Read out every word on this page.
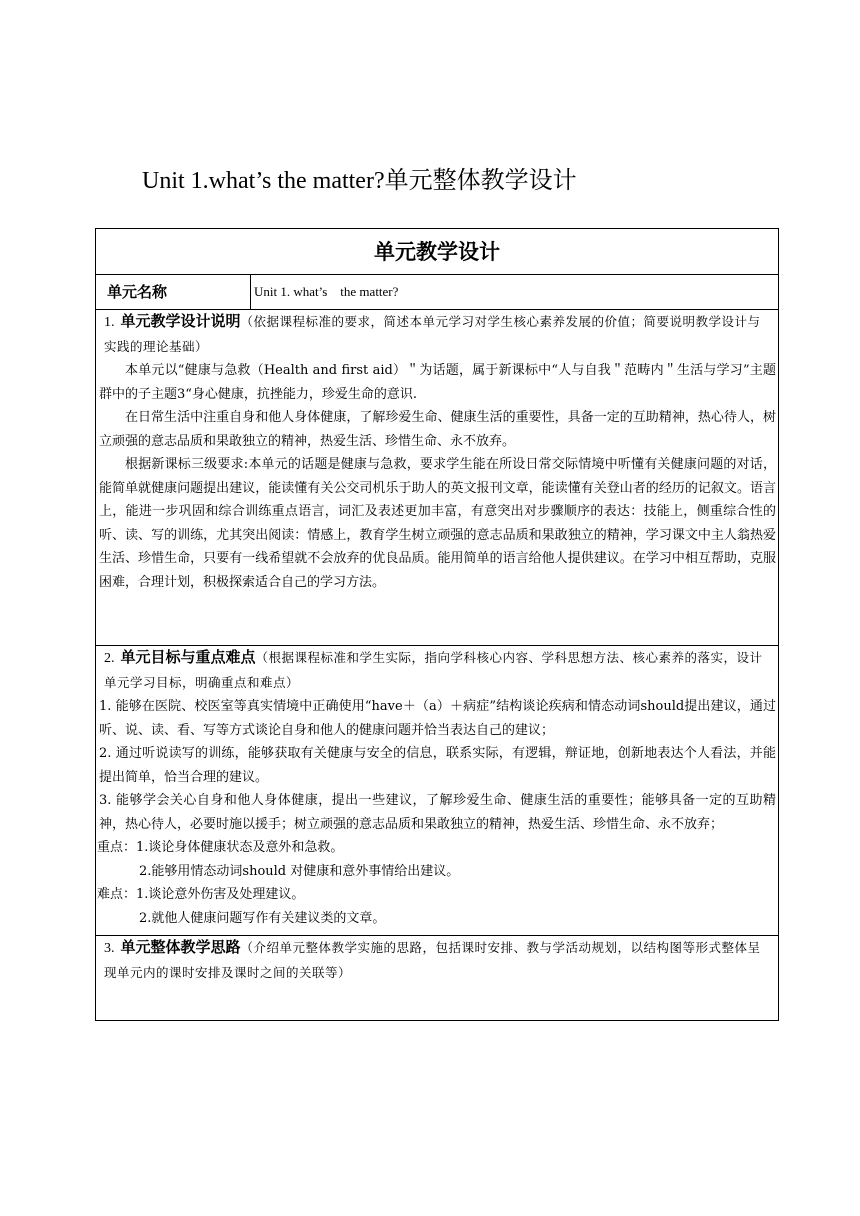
Unit 1.what’s the matter?单元整体教学设计
单元教学设计
单元名称	Unit 1. what’s    the matter?

1. 单元教学设计说明（依据课程标准的要求，简述本单元学习对学生核心素养发展的价值；简要说明教学设计与实践的理论基础）

本单元以“健康与急救（Health and first aid）＂为话题，属于新课标中“人与自我＂范畴内＂生活与学习”主题群中的子主题3“身心健康，抗挫能力，珍爱生命的意识.

在日常生活中注重自身和他人身体健康，了解珍爱生命、健康生活的重要性，具备一定的互助精神，热心待人，树立顽强的意志品质和果敢独立的精神，热爱生活、珍惜生命、永不放弃。

根据新课标三级要求:本单元的话题是健康与急救，要求学生能在所设日常交际情境中听懂有关健康问题的对话，能简单就健康问题提出建议，能读懂有关公交司机乐于助人的英文报刊文章，能读懂有关登山者的经历的记叙文。语言上，能进一步巩固和综合训练重点语言，词汇及表述更加丰富，有意突出对步骤顺序的表达：技能上，侧重综合性的听、读、写的训练，尤其突出阅读：情感上，教育学生树立顽强的意志品质和果敢独立的精神，学习课文中主人翁热爱生活、珍惜生命，只要有一线希望就不会放弃的优良品质。能用简单的语言给他人提供建议。在学习中相互帮助，克服困难，合理计划，积极探索适合自己的学习方法。

2. 单元目标与重点难点（根据课程标准和学生实际，指向学科核心内容、学科思想方法、核心素养的落实，设计单元学习目标，明确重点和难点）

1. 能够在医院、校医室等真实情境中正确使用“have＋（a）＋病症”结构谈论疾病和情态动词should提出建议，通过听、说、读、看、写等方式谈论自身和他人的健康问题并恰当表达自己的建议；

2. 通过听说读写的训练，能够获取有关健康与安全的信息，联系实际，有逻辑，辩证地，创新地表达个人看法，并能提出简单，恰当合理的建议。

3. 能够学会关心自身和他人身体健康，提出一些建议，了解珍爱生命、健康生活的重要性；能够具备一定的互助精神，热心待人，必要时施以援手；树立顽强的意志品质和果敢独立的精神，热爱生活、珍惜生命、永不放弃；

重点：1.谈论身体健康状态及意外和急救。

2.能够用情态动词should 对健康和意外事情给出建议。

难点：1.谈论意外伤害及处理建议。

2.就他人健康问题写作有关建议类的文章。

3. 单元整体教学思路（介绍单元整体教学实施的思路，包括课时安排、教与学活动规划，以结构图等形式整体呈现单元内的课时安排及课时之间的关联等）
